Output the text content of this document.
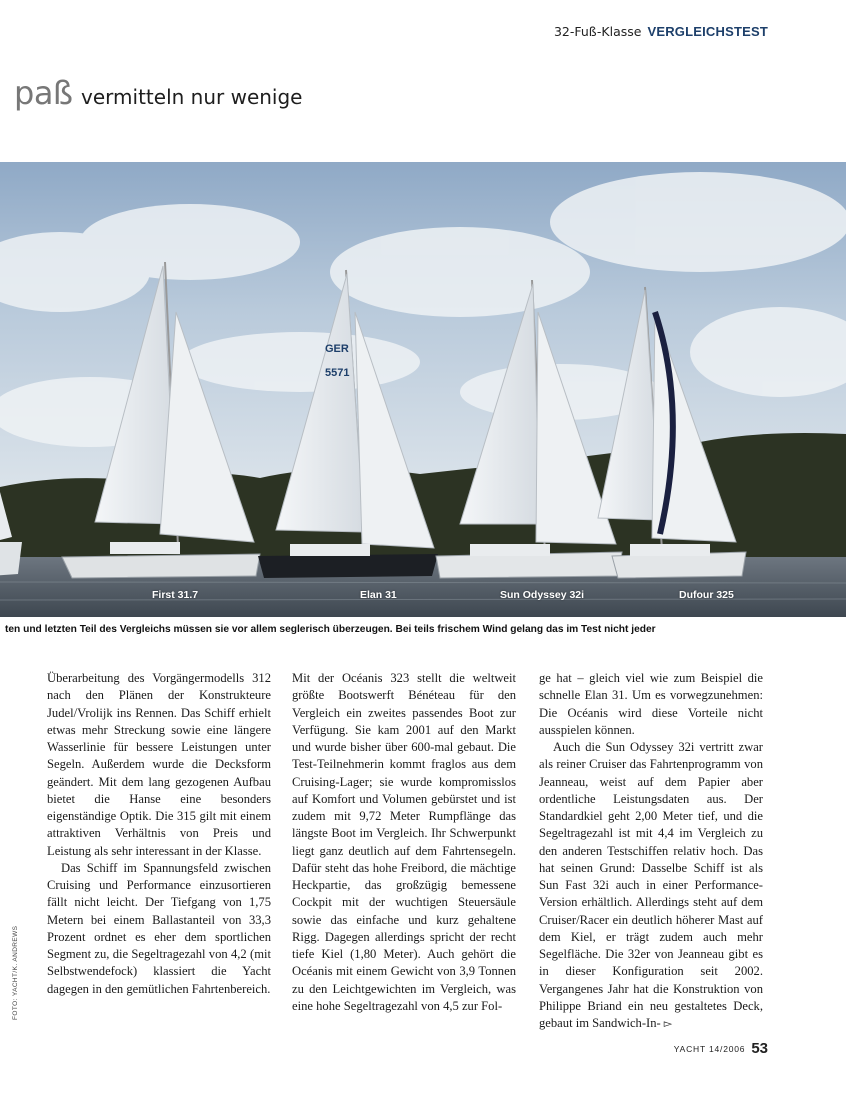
32-Fuß-Klasse VERGLEICHSTEST
paß vermitteln nur wenige
GER
5571
First 31.7	Elan 31	Sun Odyssey 32i	Dufour 325
ten und letzten Teil des Vergleichs müssen sie vor allem seglerisch überzeugen. Bei teils frischem Wind gelang das im Test nicht jeder

Überarbeitung des Vorgängermodells 312 nach den Plänen der Konstrukteure Judel/Vrolijk ins Rennen. Das Schiff erhielt etwas mehr Streckung sowie eine längere Wasserlinie für bessere Leistungen unter Segeln. Außerdem wurde die Decksform geändert. Mit dem lang gezogenen Aufbau bietet die Hanse eine besonders eigenständige Optik. Die 315 gilt mit einem attraktiven Verhältnis von Preis und Leistung als sehr interessant in der Klasse.

Das Schiff im Spannungsfeld zwischen Cruising und Performance einzusortieren fällt nicht leicht. Der Tiefgang von 1,75 Metern bei einem Ballastanteil von 33,3 Prozent ordnet es eher dem sportlichen Segment zu, die Segeltragezahl von 4,2 (mit Selbstwendefock) klassiert die Yacht dagegen in den gemütlichen Fahrtenbereich.

Mit der Océanis 323 stellt die weltweit größte Bootswerft Bénéteau für den Vergleich ein zweites passendes Boot zur Verfügung. Sie kam 2001 auf den Markt und wurde bisher über 600-mal gebaut. Die Test-Teilnehmerin kommt fraglos aus dem Cruising-Lager; sie wurde kompromisslos auf Komfort und Volumen gebürstet und ist zudem mit 9,72 Meter Rumpflänge das längste Boot im Vergleich. Ihr Schwerpunkt liegt ganz deutlich auf dem Fahrtensegeln. Dafür steht das hohe Freibord, die mächtige Heckpartie, das großzügig bemessene Cockpit mit der wuchtigen Steuersäule sowie das einfache und kurz gehaltene Rigg. Dagegen allerdings spricht der recht tiefe Kiel (1,80 Meter). Auch gehört die Océanis mit einem Gewicht von 3,9 Tonnen zu den Leichtgewichten im Vergleich, was eine hohe Segeltragezahl von 4,5 zur Fol-

ge hat – gleich viel wie zum Beispiel die schnelle Elan 31. Um es vorwegzunehmen: Die Océanis wird diese Vorteile nicht ausspielen können.

Auch die Sun Odyssey 32i vertritt zwar als reiner Cruiser das Fahrtenprogramm von Jeanneau, weist auf dem Papier aber ordentliche Leistungsdaten aus. Der Standardkiel geht 2,00 Meter tief, und die Segeltragezahl ist mit 4,4 im Vergleich zu den anderen Testschiffen relativ hoch. Das hat seinen Grund: Dasselbe Schiff ist als Sun Fast 32i auch in einer Performance-Version erhältlich. Allerdings steht auf dem Cruiser/Racer ein deutlich höherer Mast auf dem Kiel, er trägt zudem auch mehr Segelfläche. Die 32er von Jeanneau gibt es in dieser Konfiguration seit 2002. Vergangenes Jahr hat die Konstruktion von Philippe Briand ein neu gestaltetes Deck, gebaut im Sandwich-In- ▻

FOTO: YACHT/K. ANDREWS
YACHT 14/2006 53
